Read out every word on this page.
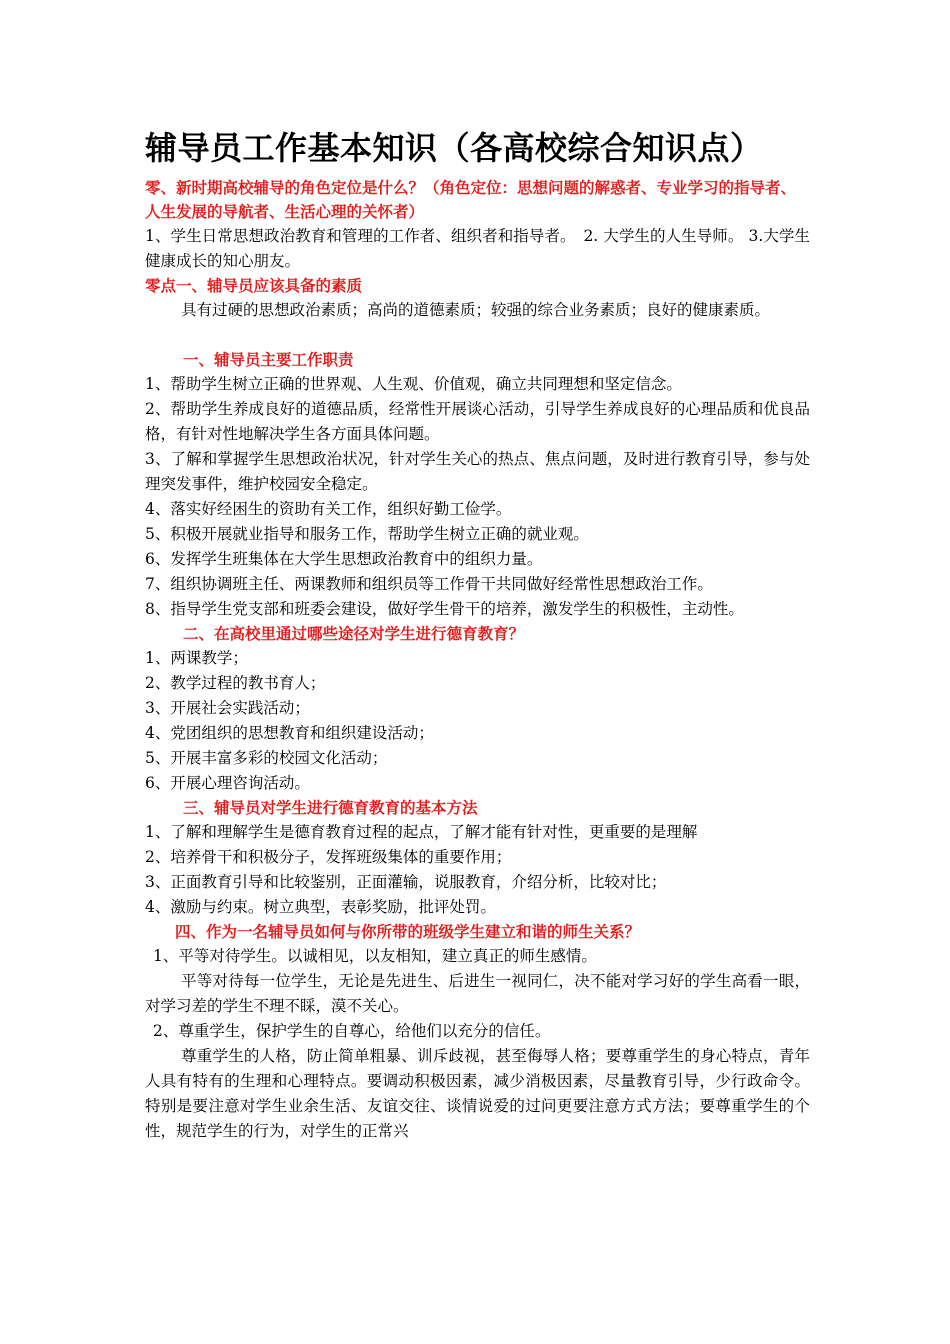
辅导员工作基本知识（各高校综合知识点）
零、新时期高校辅导的角色定位是什么？（角色定位：思想问题的解惑者、专业学习的指导者、人生发展的导航者、生活心理的关怀者）
1、学生日常思想政治教育和管理的工作者、组织者和指导者。　2. 大学生的人生导师。 3.大学生健康成长的知心朋友。
零点一、辅导员应该具备的素质
具有过硬的思想政治素质；高尚的道德素质；较强的综合业务素质；良好的健康素质。
一、辅导员主要工作职责
1、帮助学生树立正确的世界观、人生观、价值观，确立共同理想和坚定信念。
2、帮助学生养成良好的道德品质，经常性开展谈心活动，引导学生养成良好的心理品质和优良品格，有针对性地解决学生各方面具体问题。
3、了解和掌握学生思想政治状况，针对学生关心的热点、焦点问题，及时进行教育引导，参与处理突发事件，维护校园安全稳定。
4、落实好经困生的资助有关工作，组织好勤工俭学。
5、积极开展就业指导和服务工作，帮助学生树立正确的就业观。
6、发挥学生班集体在大学生思想政治教育中的组织力量。
7、组织协调班主任、两课教师和组织员等工作骨干共同做好经常性思想政治工作。
8、指导学生党支部和班委会建设，做好学生骨干的培养，激发学生的积极性，主动性。
二、在高校里通过哪些途径对学生进行德育教育？
1、两课教学；
2、教学过程的教书育人；
3、开展社会实践活动；
4、党团组织的思想教育和组织建设活动；
5、开展丰富多彩的校园文化活动；
6、开展心理咨询活动。
三、辅导员对学生进行德育教育的基本方法
1、了解和理解学生是德育教育过程的起点，了解才能有针对性，更重要的是理解
2、培养骨干和积极分子，发挥班级集体的重要作用；
3、正面教育引导和比较鉴别，正面灌输，说服教育，介绍分析，比较对比；
4、激励与约束。树立典型，表彰奖励，批评处罚。
四、作为一名辅导员如何与你所带的班级学生建立和谐的师生关系？
1、平等对待学生。以诚相见，以友相知，建立真正的师生感情。
平等对待每一位学生，无论是先进生、后进生一视同仁，决不能对学习好的学生高看一眼，对学习差的学生不理不睬，漠不关心。
2、尊重学生，保护学生的自尊心，给他们以充分的信任。
尊重学生的人格，防止简单粗暴、训斥歧视，甚至侮辱人格；要尊重学生的身心特点，青年人具有特有的生理和心理特点。要调动积极因素，减少消极因素，尽量教育引导，少行政命令。特别是要注意对学生业余生活、友谊交往、谈情说爱的过问更要注意方式方法；要尊重学生的个性，规范学生的行为，对学生的正常兴
